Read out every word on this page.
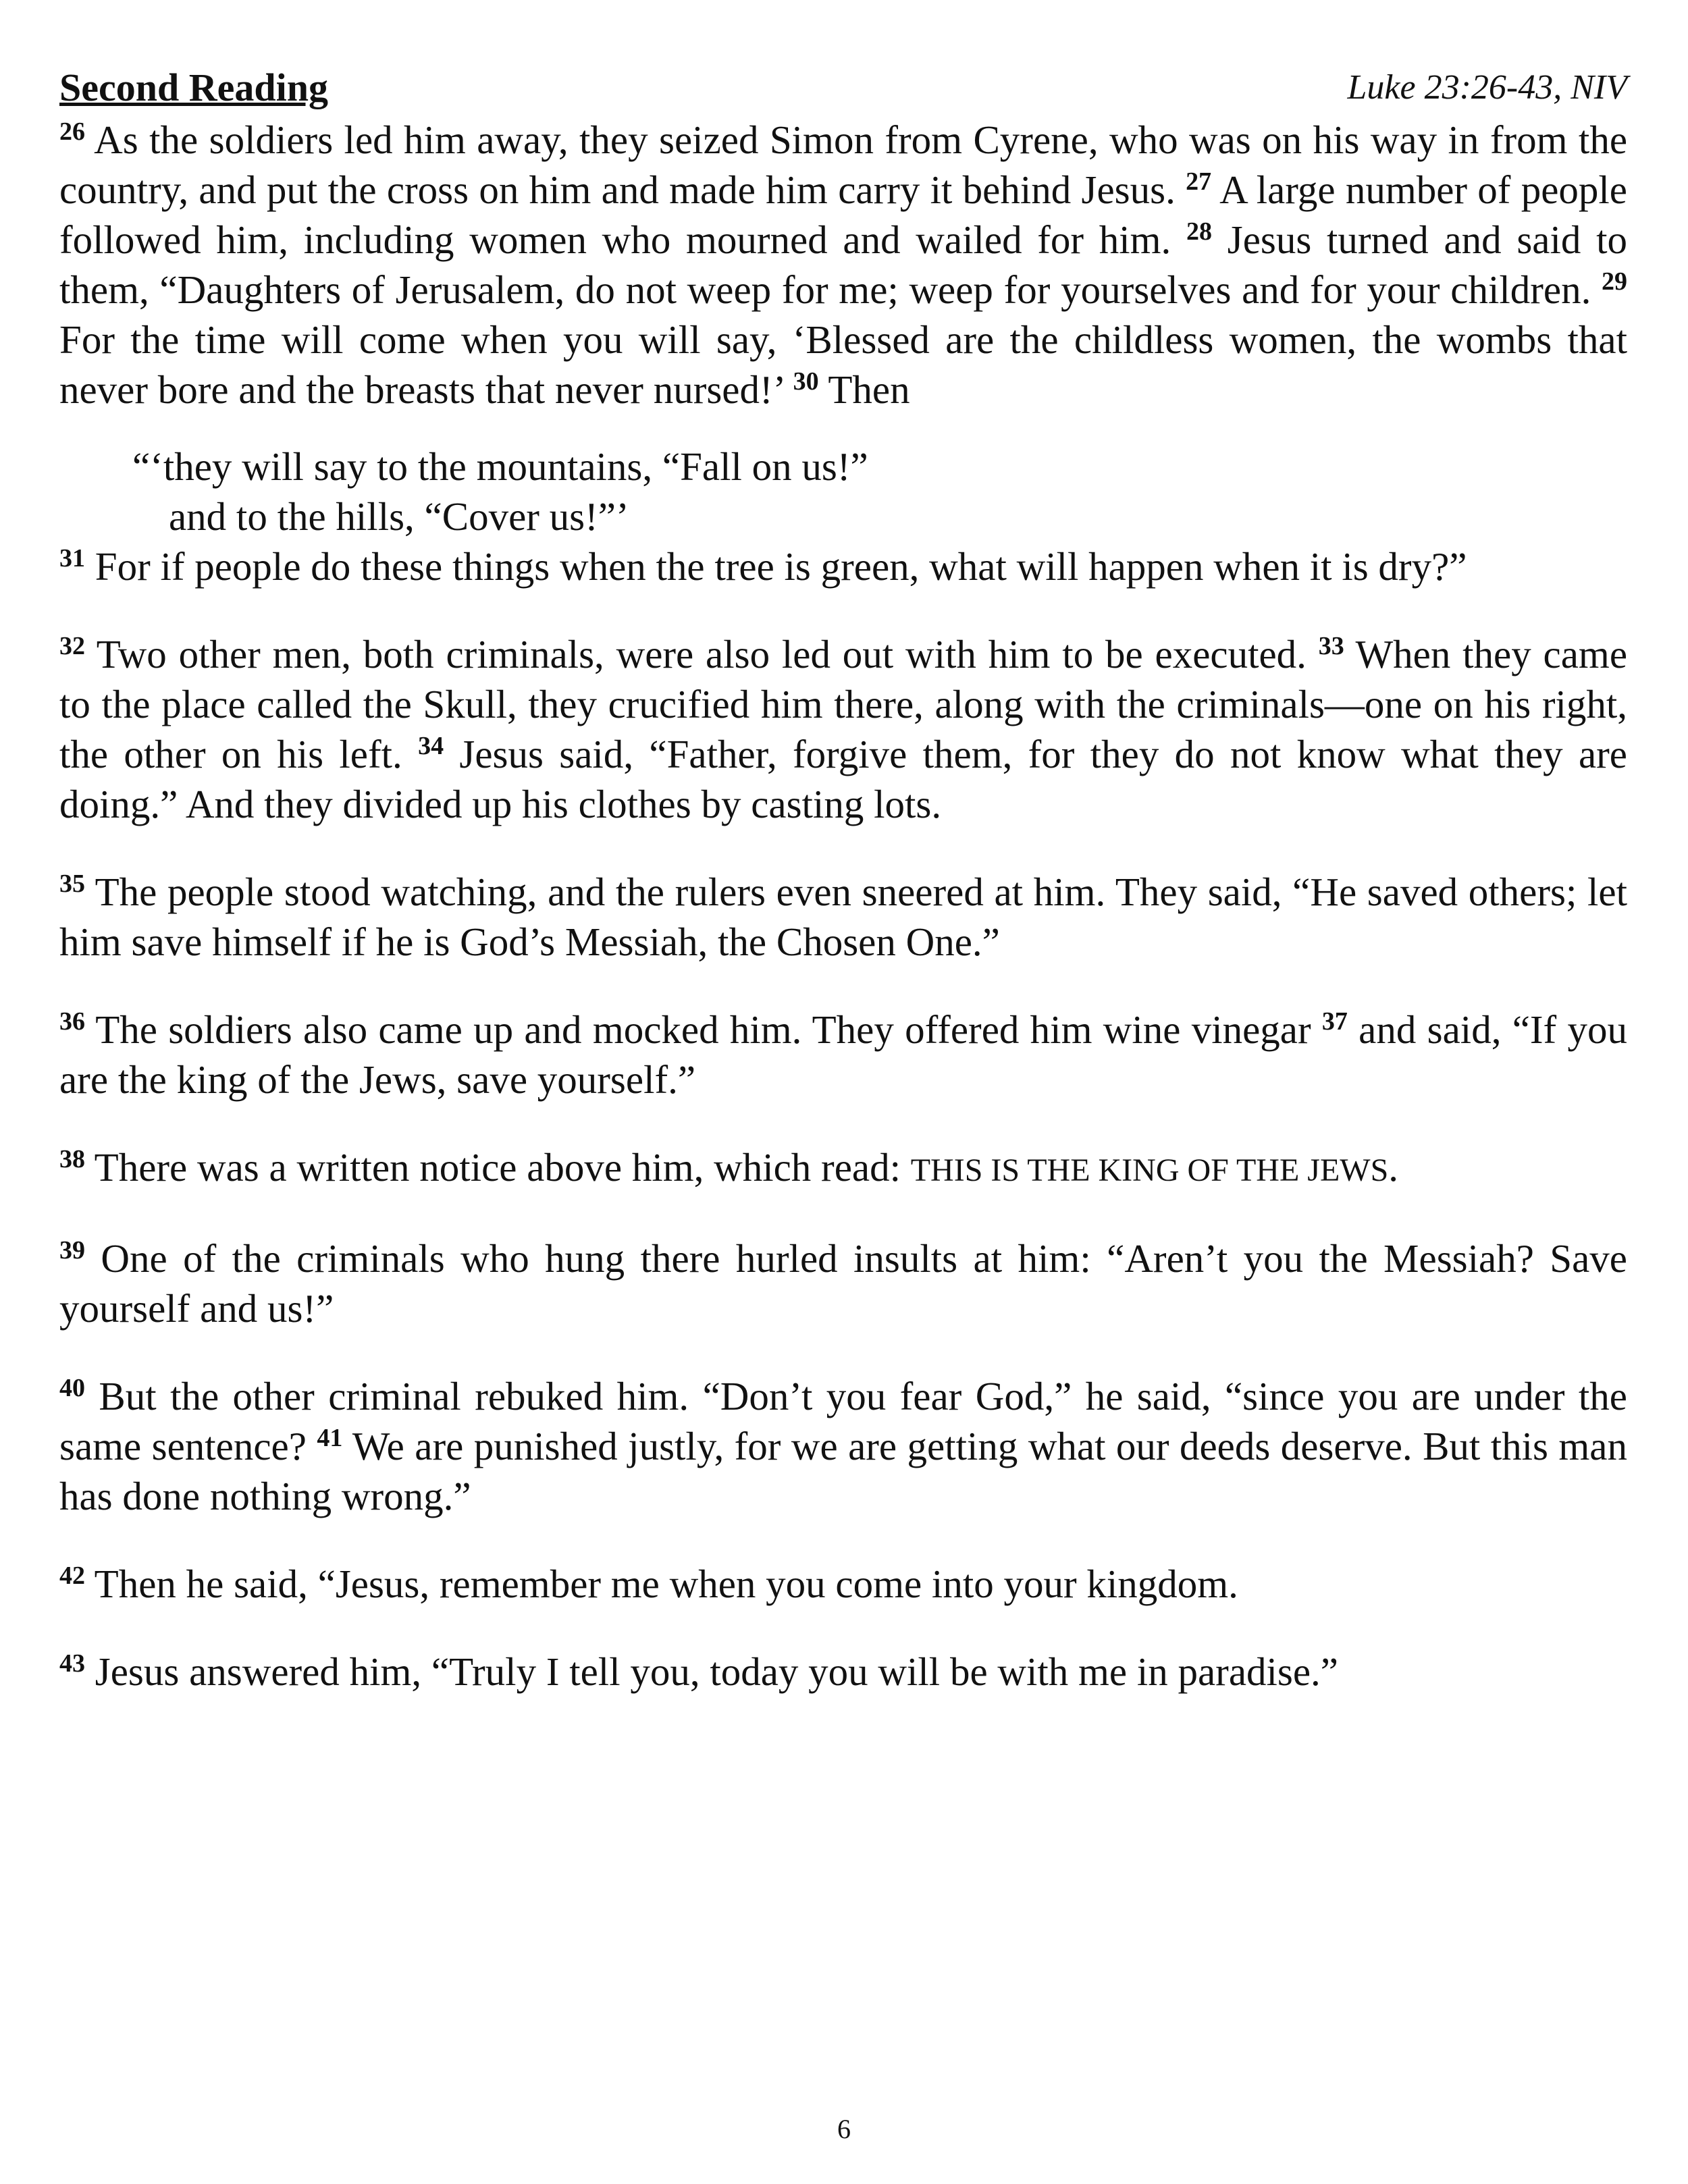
Second Reading	Luke 23:26-43, NIV

$^{26}$ As the soldiers led him away, they seized Simon from Cyrene, who was on his way in from the country, and put the cross on him and made him carry it behind Jesus. $^{27}$ A large number of people followed him, including women who mourned and wailed for him. $^{28}$ Jesus turned and said to them, “Daughters of Jerusalem, do not weep for me; weep for yourselves and for your children. $^{29}$ For the time will come when you will say, ‘Blessed are the childless women, the wombs that never bore and the breasts that never nursed!’ $^{30}$ Then

“‘they will say to the mountains, “Fall on us!”
and to the hills, “Cover us!”’

$^{31}$ For if people do these things when the tree is green, what will happen when it is dry?”

$^{32}$ Two other men, both criminals, were also led out with him to be executed. $^{33}$ When they came to the place called the Skull, they crucified him there, along with the criminals—one on his right, the other on his left. $^{34}$ Jesus said, “Father, forgive them, for they do not know what they are doing.” And they divided up his clothes by casting lots.

$^{35}$ The people stood watching, and the rulers even sneered at him. They said, “He saved others; let him save himself if he is God’s Messiah, the Chosen One.”

$^{36}$ The soldiers also came up and mocked him. They offered him wine vinegar $^{37}$ and said, “If you are the king of the Jews, save yourself.”

$^{38}$ There was a written notice above him, which read: THIS IS THE KING OF THE JEWS.

$^{39}$ One of the criminals who hung there hurled insults at him: “Aren’t you the Messiah? Save yourself and us!”

$^{40}$ But the other criminal rebuked him. “Don’t you fear God,” he said, “since you are under the same sentence? $^{41}$ We are punished justly, for we are getting what our deeds deserve. But this man has done nothing wrong.”

$^{42}$ Then he said, “Jesus, remember me when you come into your kingdom.

$^{43}$ Jesus answered him, “Truly I tell you, today you will be with me in paradise.”

6
